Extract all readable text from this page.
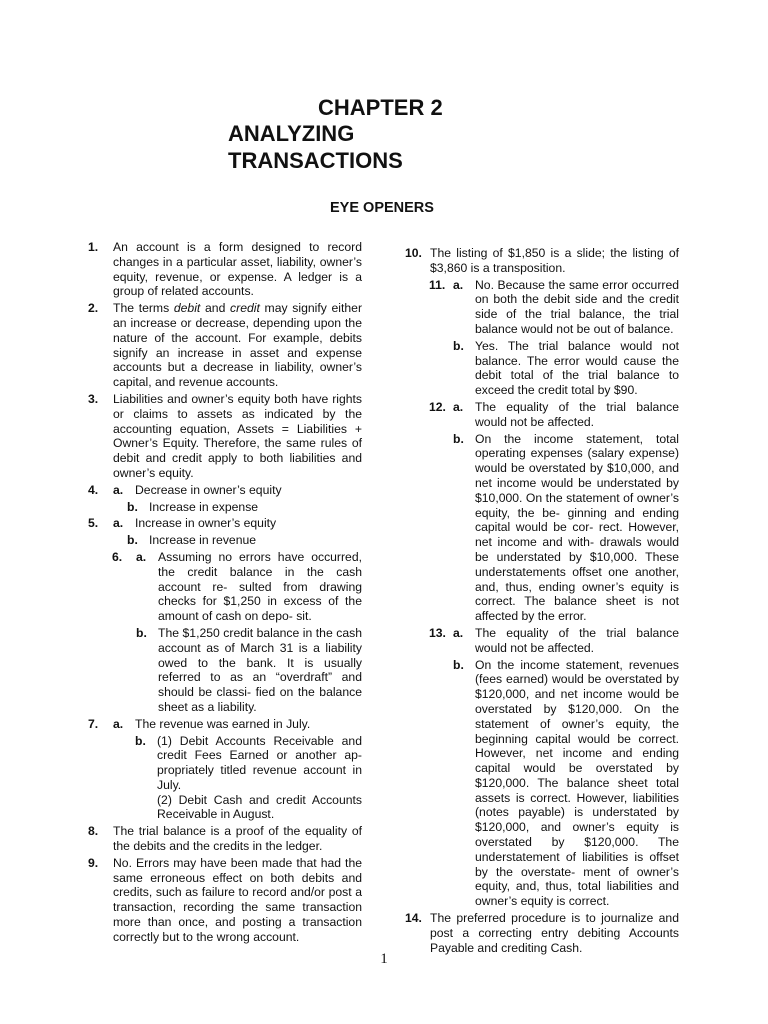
CHAPTER 2
ANALYZING
TRANSACTIONS
EYE OPENERS
1. An account is a form designed to record changes in a particular asset, liability, owner’s equity, revenue, or expense. A ledger is a group of related accounts.
2. The terms debit and credit may signify either an increase or decrease, depending upon the nature of the account. For example, debits signify an increase in asset and expense accounts but a decrease in liability, owner’s capital, and revenue accounts.
3. Liabilities and owner’s equity both have rights or claims to assets as indicated by the accounting equation, Assets = Liabilities + Owner’s Equity. Therefore, the same rules of debit and credit apply to both liabilities and owner’s equity.
4. a. Decrease in owner’s equity
b. Increase in expense
5. a. Increase in owner’s equity
b. Increase in revenue
6. a. Assuming no errors have occurred, the credit balance in the cash account re- sulted from drawing checks for $1,250 in excess of the amount of cash on depo- sit.
b. The $1,250 credit balance in the cash account as of March 31 is a liability owed to the bank. It is usually referred to as an “overdraft” and should be classi- fied on the balance sheet as a liability.
7. a. The revenue was earned in July.
b. (1) Debit Accounts Receivable and credit Fees Earned or another ap- propriately titled revenue account in July.
(2) Debit Cash and credit Accounts Receivable in August.
8. The trial balance is a proof of the equality of the debits and the credits in the ledger.
9. No. Errors may have been made that had the same erroneous effect on both debits and credits, such as failure to record and/or post a transaction, recording the same transaction more than once, and posting a transaction correctly but to the wrong account.
10. The listing of $1,850 is a slide; the listing of $3,860 is a transposition.
11. a. No. Because the same error occurred on both the debit side and the credit side of the trial balance, the trial balance would not be out of balance.
b. Yes. The trial balance would not balance. The error would cause the debit total of the trial balance to exceed the credit total by $90.
12. a. The equality of the trial balance would not be affected.
b. On the income statement, total operating expenses (salary expense) would be overstated by $10,000, and net income would be understated by $10,000. On the statement of owner’s equity, the be- ginning and ending capital would be cor- rect. However, net income and with- drawals would be understated by $10,000. These understatements offset one another, and, thus, ending owner’s equity is correct. The balance sheet is not affected by the error.
13. a. The equality of the trial balance would not be affected.
b. On the income statement, revenues (fees earned) would be overstated by $120,000, and net income would be overstated by $120,000. On the statement of owner’s equity, the beginning capital would be correct. However, net income and ending capital would be overstated by $120,000. The balance sheet total assets is correct. However, liabilities (notes payable) is understated by $120,000, and owner’s equity is overstated by $120,000. The understatement of liabilities is offset by the overstate- ment of owner’s equity, and, thus, total liabilities and owner’s equity is correct.
14. The preferred procedure is to journalize and post a correcting entry debiting Accounts Payable and crediting Cash.
1
